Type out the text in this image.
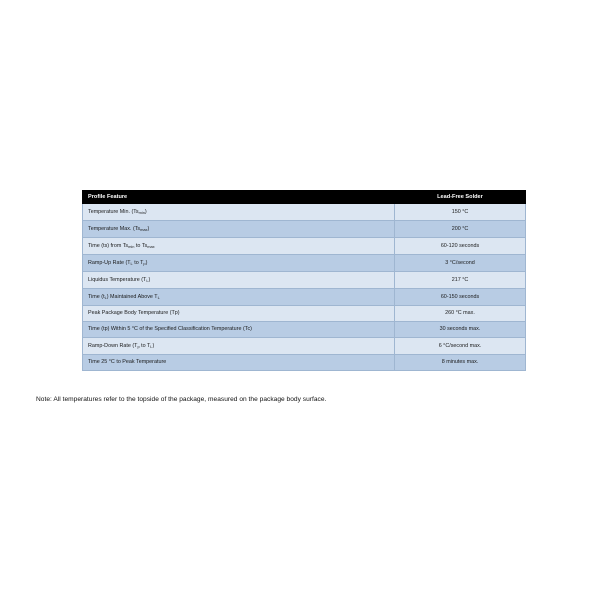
Profile Feature	Lead-Free Solder
Temperature Min. $(Ts_{min})$	150 °C
Temperature Max. $(Ts_{max})$	200 °C
Time (ts) from $Ts_{min}$ to $Ts_{max}$	60-120 seconds
Ramp-Up Rate ($T_L$ to $T_p$)	3 °C/second
Liquidus Temperature $(T_L)$	217 °C
Time $(t_L)$ Maintained Above $T_L$	60-150 seconds
Peak Package Body Temperature (Tp)	260 °C max.
Time (tp) Within 5 °C of the Specified Classification Temperature (Tc)	30 seconds max.
Ramp-Down Rate ($T_p$ to $T_L$)	6 °C/second max.
Time 25 °C to Peak Temperature	8 minutes max.
Note: All temperatures refer to the topside of the package, measured on the package body surface.
